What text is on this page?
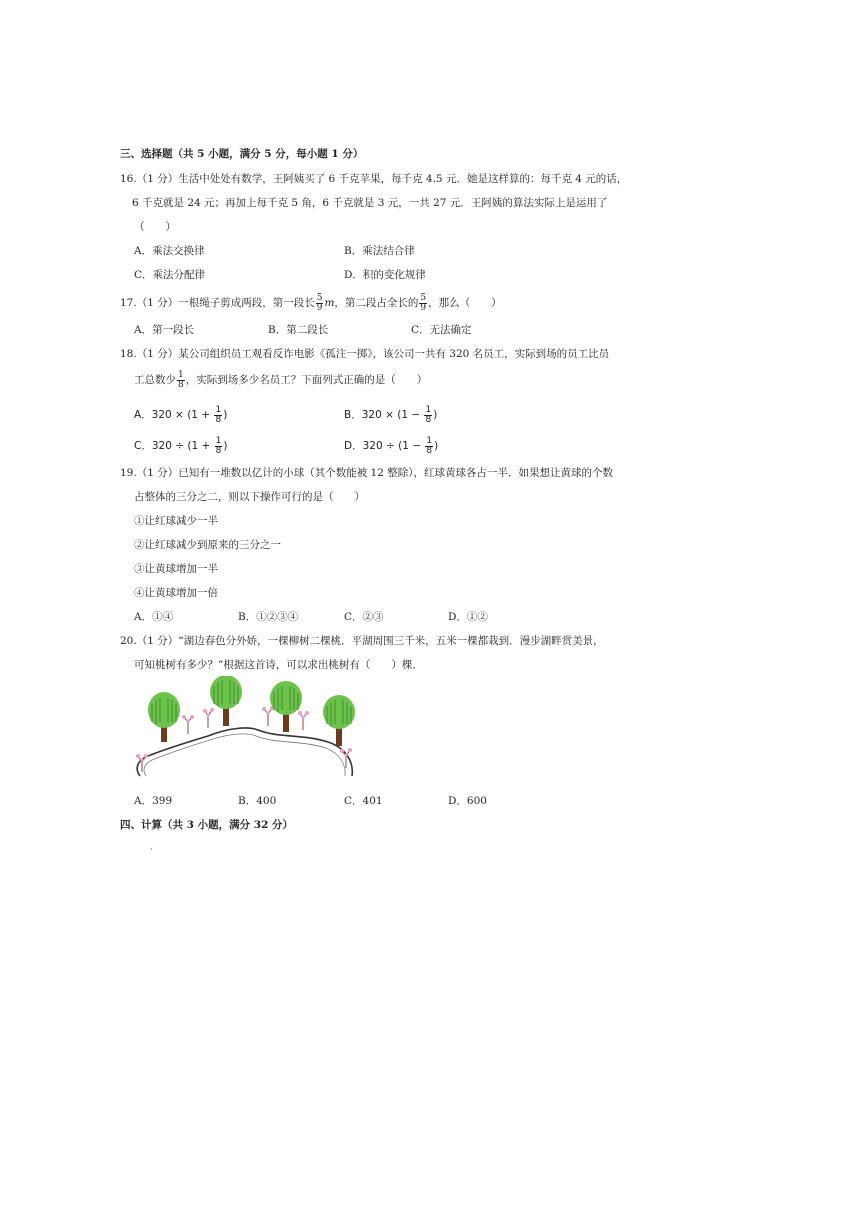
三、选择题（共 5 小题，满分 5 分，每小题 1 分）
16.（1 分）生活中处处有数学，王阿姨买了 6 千克苹果，每千克 4.5 元．她是这样算的：每千克 4 元的话，
6 千克就是 24 元；再加上每千克 5 角，6 千克就是 3 元，一共 27 元．王阿姨的算法实际上是运用了
（　　）
A．乘法交换律	B．乘法结合律
C．乘法分配律	D．积的变化规律
17.（1 分）一根绳子剪成两段，第一段长 $\frac{5}{9}$ m，第二段占全长的 $\frac{5}{9}$ ，那么（　　）
A．第一段长	B．第二段长	C．无法确定
18.（1 分）某公司组织员工观看反诈电影《孤注一掷》，该公司一共有 320 名员工，实际到场的员工比员
工总数少 $\frac{1}{8}$ ，实际到场多少名员工？下面列式正确的是（　　）
A．$320 \times (1 + \frac{1}{8}$ )	B．$320 \times (1 - \frac{1}{8}$ )
C．$320 \div (1 + \frac{1}{8}$ )	D．$320 \div (1 - \frac{1}{8}$ )
19.（1 分）已知有一堆数以亿计的小球（其个数能被 12 整除），红球黄球各占一半．如果想让黄球的个数
占整体的三分之二，则以下操作可行的是（　　）
①让红球减少一半
②让红球减少到原来的三分之一
③让黄球增加一半
④让黄球增加一倍
A．①④	B．①②③④	C．②③	D．①②
20.（1 分）“湖边春色分外娇，一棵柳树二棵桃．平湖周围三千米，五米一棵都栽到．漫步湖畔赏美景，
可知桃树有多少？”根据这首诗，可以求出桃树有（　　）棵．
A．399	B．400	C．401	D．600
四、计算（共 3 小题，满分 32 分）
·
